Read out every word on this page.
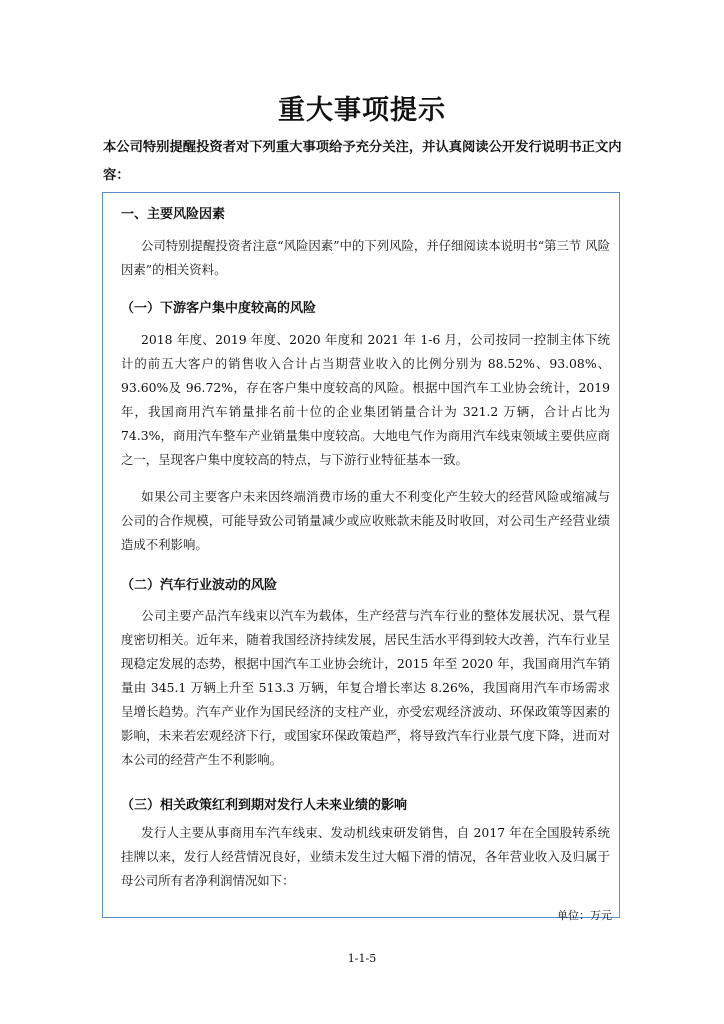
重大事项提示
本公司特别提醒投资者对下列重大事项给予充分关注，并认真阅读公开发行说明书正文内容：
一、主要风险因素
公司特别提醒投资者注意“风险因素”中的下列风险，并仔细阅读本说明书“第三节 风险因素”的相关资料。
（一）下游客户集中度较高的风险
2018 年度、2019 年度、2020 年度和 2021 年 1-6 月，公司按同一控制主体下统计的前五大客户的销售收入合计占当期营业收入的比例分别为 88.52%、93.08%、93.60%及 96.72%，存在客户集中度较高的风险。根据中国汽车工业协会统计，2019 年，我国商用汽车销量排名前十位的企业集团销量合计为 321.2 万辆，合计占比为 74.3%，商用汽车整车产业销量集中度较高。大地电气作为商用汽车线束领域主要供应商之一，呈现客户集中度较高的特点，与下游行业特征基本一致。
如果公司主要客户未来因终端消费市场的重大不利变化产生较大的经营风险或缩减与公司的合作规模，可能导致公司销量减少或应收账款未能及时收回，对公司生产经营业绩造成不利影响。
（二）汽车行业波动的风险
公司主要产品汽车线束以汽车为载体，生产经营与汽车行业的整体发展状况、景气程度密切相关。近年来，随着我国经济持续发展，居民生活水平得到较大改善，汽车行业呈现稳定发展的态势，根据中国汽车工业协会统计，2015 年至 2020 年，我国商用汽车销量由 345.1 万辆上升至 513.3 万辆，年复合增长率达 8.26%，我国商用汽车市场需求呈增长趋势。汽车产业作为国民经济的支柱产业，亦受宏观经济波动、环保政策等因素的影响，未来若宏观经济下行，或国家环保政策趋严，将导致汽车行业景气度下降，进而对本公司的经营产生不利影响。
（三）相关政策红利到期对发行人未来业绩的影响
发行人主要从事商用车汽车线束、发动机线束研发销售，自 2017 年在全国股转系统挂牌以来，发行人经营情况良好，业绩未发生过大幅下滑的情况，各年营业收入及归属于母公司所有者净利润情况如下：
单位：万元
1-1-5
